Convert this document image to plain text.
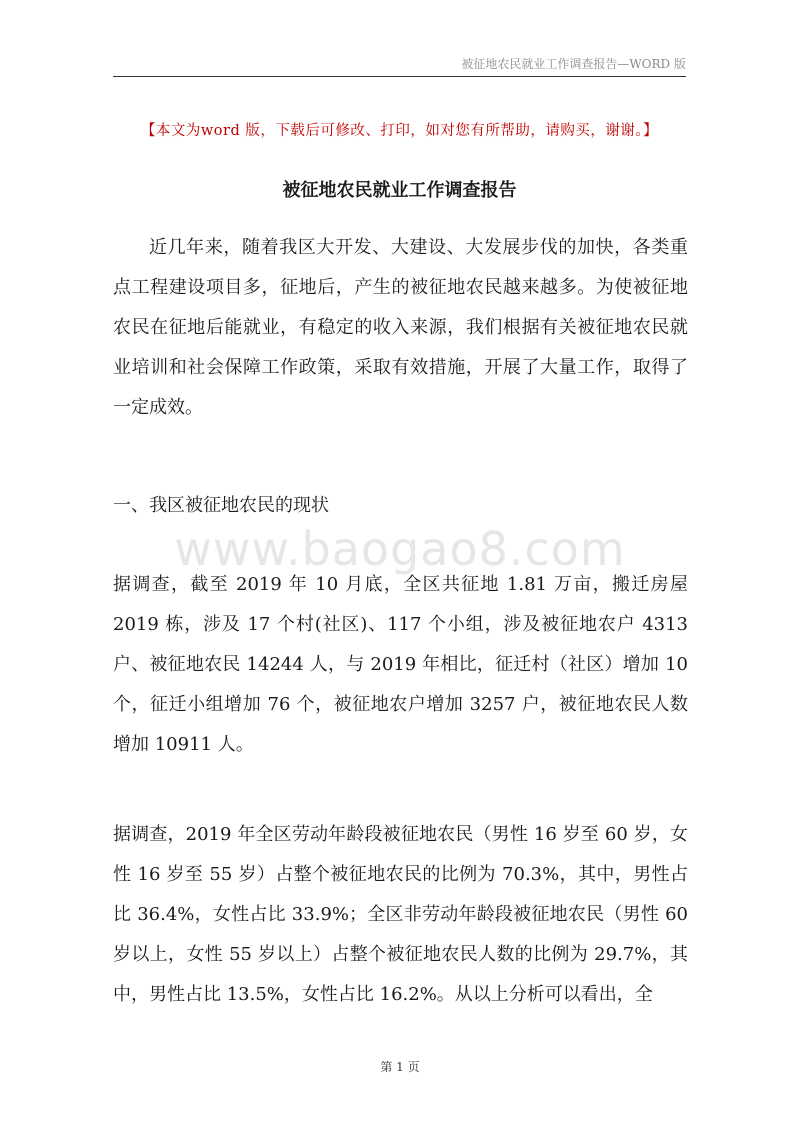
被征地农民就业工作调查报告—WORD 版
【本文为word 版，下载后可修改、打印，如对您有所帮助，请购买，谢谢。】
被征地农民就业工作调查报告

近几年来，随着我区大开发、大建设、大发展步伐的加快，各类重点工程建设项目多，征地后，产生的被征地农民越来越多。为使被征地农民在征地后能就业，有稳定的收入来源，我们根据有关被征地农民就业培训和社会保障工作政策，采取有效措施，开展了大量工作，取得了一定成效。

一、我区被征地农民的现状
www.baogao8.com

据调查，截至 2019 年 10 月底，全区共征地 1.81 万亩，搬迁房屋 2019 栋，涉及 17 个村(社区)、117 个小组，涉及被征地农户 4313 户、被征地农民 14244 人，与 2019 年相比，征迁村（社区）增加 10 个，征迁小组增加 76 个，被征地农户增加 3257 户，被征地农民人数增加 10911 人。

据调查，2019 年全区劳动年龄段被征地农民（男性 16 岁至 60 岁，女性 16 岁至 55 岁）占整个被征地农民的比例为 70.3%，其中，男性占比 36.4%，女性占比 33.9%；全区非劳动年龄段被征地农民（男性 60 岁以上，女性 55 岁以上）占整个被征地农民人数的比例为 29.7%，其中，男性占比 13.5%，女性占比 16.2%。从以上分析可以看出，全

第 1 页
